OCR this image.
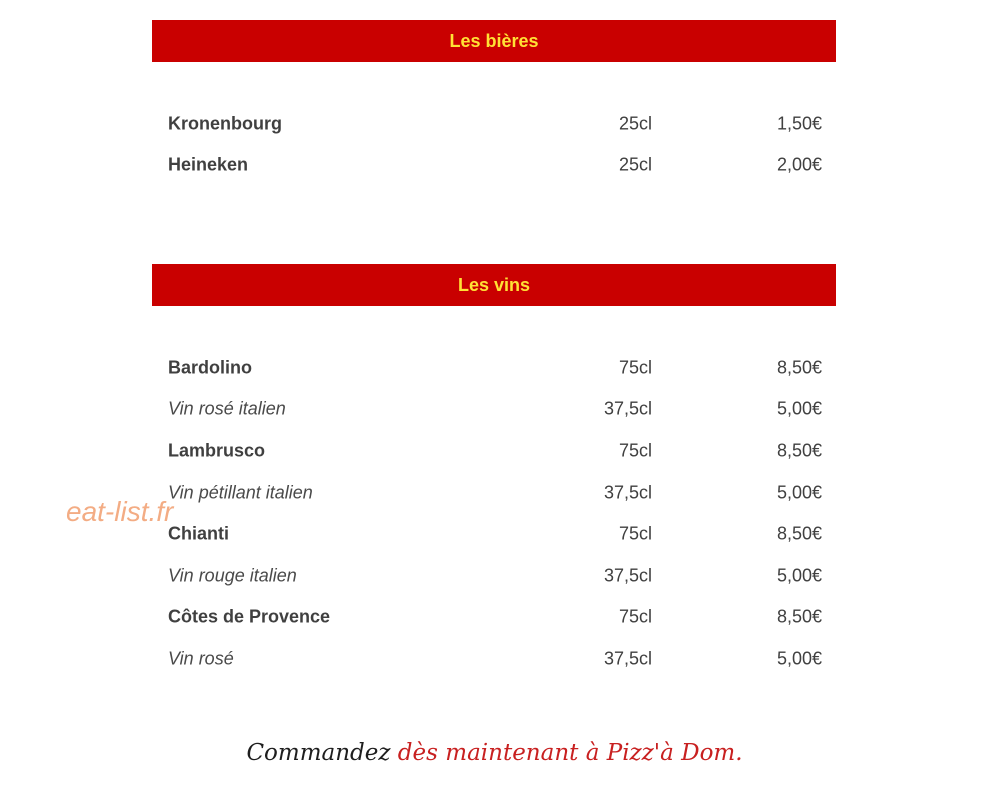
Les bières
Kronenbourg	25cl	1,50€
Heineken	25cl	2,00€
Les vins
Bardolino	75cl	8,50€
Vin rosé italien	37,5cl	5,00€
Lambrusco	75cl	8,50€
Vin pétillant italien	37,5cl	5,00€
Chianti	75cl	8,50€
Vin rouge italien	37,5cl	5,00€
Côtes de Provence	75cl	8,50€
Vin rosé	37,5cl	5,00€
eat-list.fr
Commandez dès maintenant à Pizz'à Dom.
